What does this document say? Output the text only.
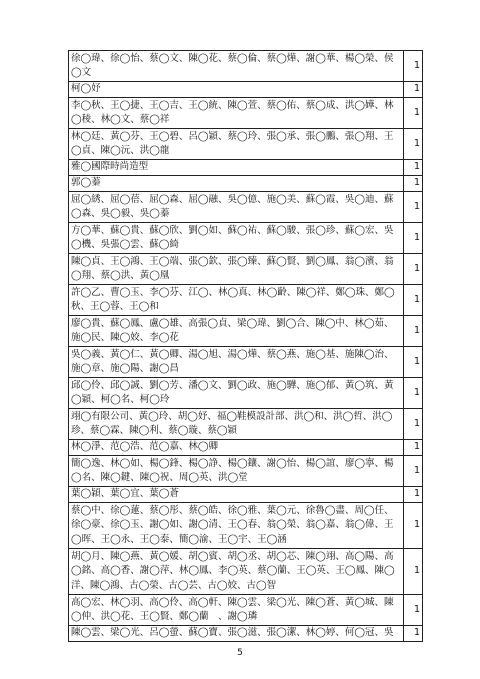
徐◯瑋、徐◯怡、蔡◯文、陳◯花、蔡◯倫、蔡◯燁、謝◯華、楊◯榮、侯◯文	1
柯◯妤	1
李◯秋、王◯捷、王◯吉、王◯統、陳◯萱、蔡◯佑、蔡◯成、洪◯嬅、林◯稜、林◯文、蔡◯祥	1
林◯廷、黃◯芬、王◯碧、呂◯穎、蔡◯玲、張◯承、張◯鵬、張◯翔、王◯貞、陳◯沅、洪◯龍	1
雅◯國際時尚造型	1
郭◯蓁	1
屈◯綉、屈◯蓓、屈◯森、屈◯融、吳◯億、施◯美、蘇◯霞、吳◯迪、蘇◯森、吳◯毅、吳◯蓁	1
方◯華、蘇◯貴、蘇◯欣、劉◯如、蘇◯祐、蘇◯駿、張◯珍、蘇◯宏、吳◯機、吳張◯雲、蘇◯綺	1
陳◯貞、王◯鴻、王◯端、張◯欽、張◯臻、蘇◯賢、劉◯鳳、翁◯濱、翁◯翔、蔡◯洪、黃◯凰	1
許◯乙、曹◯玉、李◯芬、江◯、林◯真、林◯齡、陳◯祥、鄭◯珠、鄭◯秋、王◯蓉、王◯和	1
廖◯貴、蘇◯鳳、盧◯雄、高張◯貞、梁◯瑋、劉◯合、陳◯中、林◯茹、施◯民、陳◯姣、李◯花	1
吳◯義、黃◯仁、黃◯卿、湯◯旭、湯◯燁、蔡◯燕、施◯基、施陳◯治、施◯章、施◯陽、謝◯昌	1
邱◯伶、邱◯誠、劉◯芳、潘◯文、劉◯政、施◯驊、施◯郁、黃◯筑、黃◯穎、柯◯名、柯◯玲	1
翊◯有限公司、黃◯玲、胡◯妤、福◯鞋模設計部、洪◯和、洪◯哲、洪◯珍、蔡◯霖、陳◯利、蔡◯璇、蔡◯穎	1
林◯淨、范◯浩、范◯嘉、林◯卿	1
簡◯逸、林◯如、楊◯鋒、楊◯諍、楊◯鑲、謝◯怡、楊◯誼、廖◯寧、楊◯名、陳◯鍵、陳◯祝、周◯英、洪◯堂	1
葉◯穎、葉◯宜、葉◯蒼	1
蔡◯中、徐◯蓮、蔡◯彤、蔡◯皓、徐◯雅、葉◯元、徐魯◯盡、周◯任、徐◯豪、徐◯玉、謝◯如、謝◯清、王◯春、翁◯榮、翁◯嘉、翁◯偉、王◯晖、王◯永、王◯泰、簡◯渝、王◯宇、王◯涵	1
胡◯月、陳◯燕、黃◯媛、胡◯賓、胡◯丞、胡◯芯、陳◯翊、高◯陽、高◯銘、高◯香、謝◯萍、林◯鳳、李◯英、蔡◯蘭、王◯英、王◯鳳、陳◯洋、陳◯鴻、古◯榮、古◯芸、古◯姣、古◯智	1
高◯宏、林◯羽、高◯伶、高◯軒、陳◯雲、梁◯光、陳◯蒼、黃◯城、陳◯仲、洪◯花、王◯賢、鄭◯蘭　、謝◯璘	1
陳◯雲、梁◯光、呂◯螢、蘇◯寶、張◯滋、張◯潔、林◯婷、何◯冠、吳	1
5
